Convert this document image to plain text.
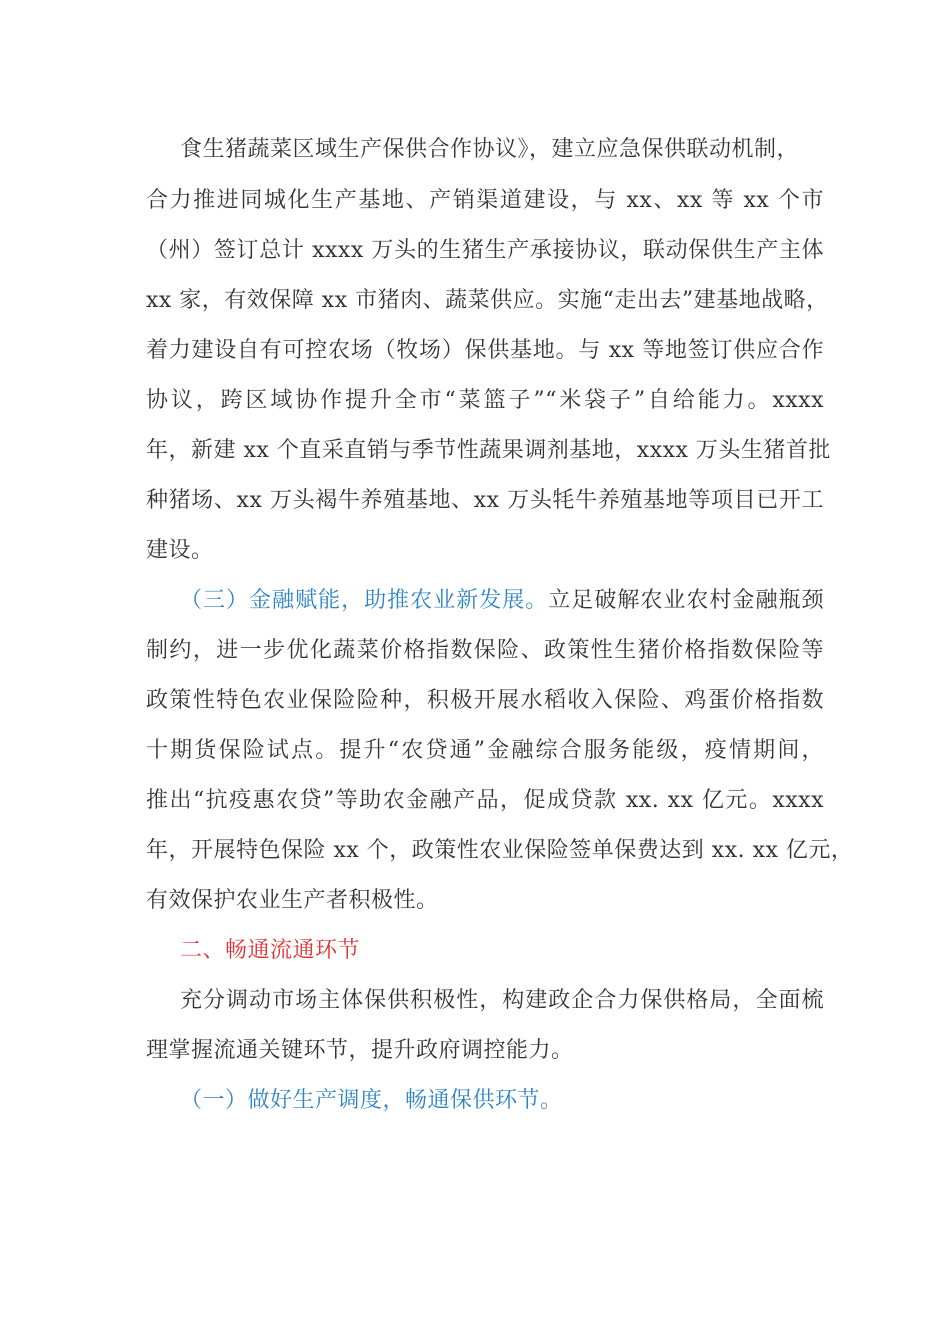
食生猪蔬菜区域生产保供合作协议》，建立应急保供联动机制，
合力推进同城化生产基地、产销渠道建设，与 xx、xx 等 xx 个市
（州）签订总计 xxxx 万头的生猪生产承接协议，联动保供生产主体
xx 家，有效保障 xx 市猪肉、蔬菜供应。实施“走出去”建基地战略，
着力建设自有可控农场（牧场）保供基地。与 xx 等地签订供应合作
协议，跨区域协作提升全市“菜篮子”“米袋子”自给能力。xxxx
年，新建 xx 个直采直销与季节性蔬果调剂基地，xxxx 万头生猪首批
种猪场、xx 万头褐牛养殖基地、xx 万头牦牛养殖基地等项目已开工
建设。
（三）金融赋能，助推农业新发展。立足破解农业农村金融瓶颈
制约，进一步优化蔬菜价格指数保险、政策性生猪价格指数保险等
政策性特色农业保险险种，积极开展水稻收入保险、鸡蛋价格指数
十期货保险试点。提升“农贷通”金融综合服务能级，疫情期间，
推出“抗疫惠农贷”等助农金融产品，促成贷款 xx. xx 亿元。xxxx
年，开展特色保险 xx 个，政策性农业保险签单保费达到 xx. xx 亿元，
有效保护农业生产者积极性。
二、畅通流通环节
充分调动市场主体保供积极性，构建政企合力保供格局，全面梳
理掌握流通关键环节，提升政府调控能力。
（一）做好生产调度，畅通保供环节。
